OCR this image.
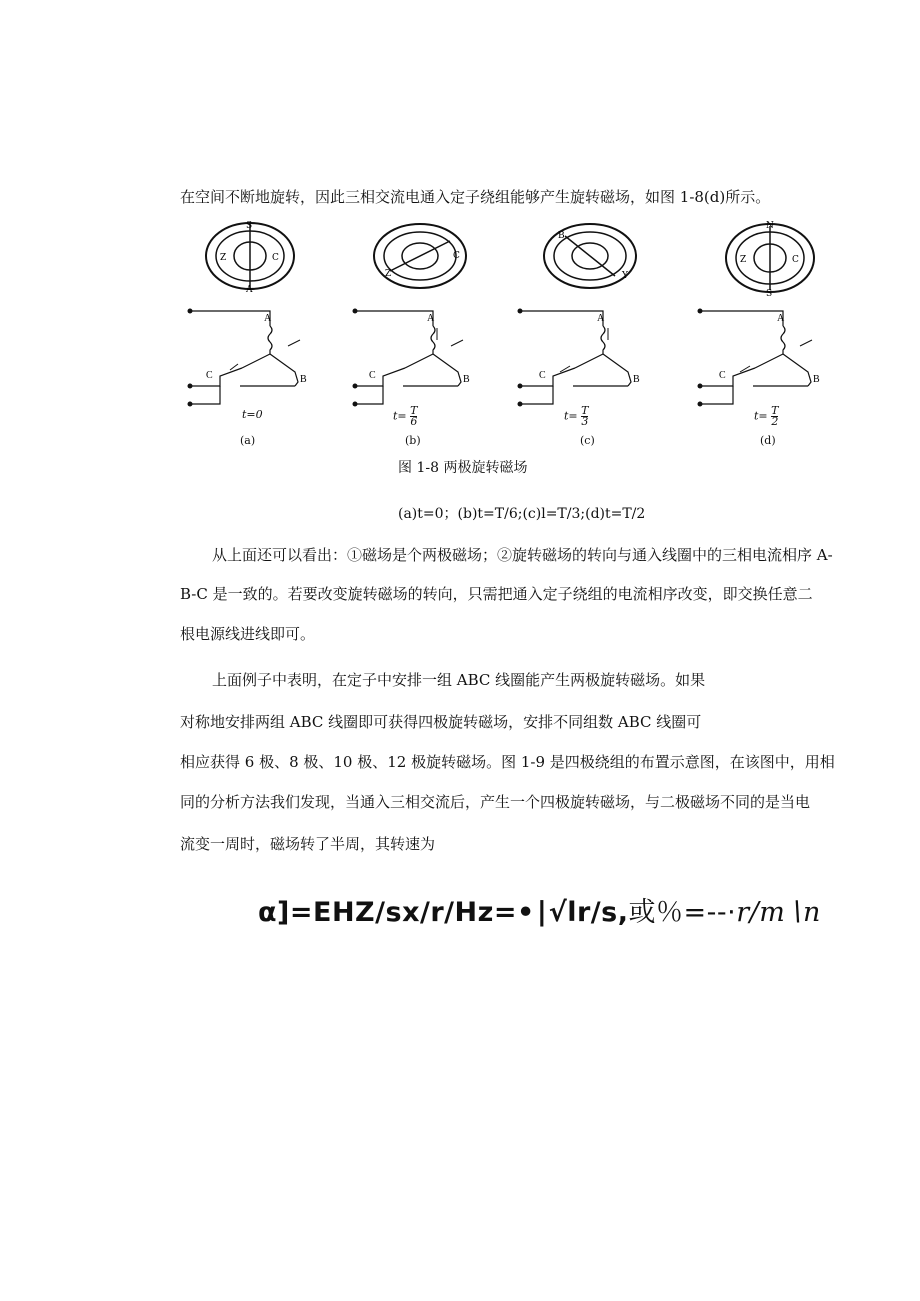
在空间不断地旋转，因此三相交流电通入定子绕组能够产生旋转磁场，如图 1-8(d)所示。
S
A
Z	C
A
C	B
t=0
(a)
C
Z
A
C	B
$t= \frac{T}{6}$
(b)
Y
B
A
C	B
$t= \frac{T}{3}$
(c)
N
S
Z	C
A
C	B
$t= \frac{T}{2}$
(d)
图 1-8 两极旋转磁场
(a)t=0；(b)t=T/6;(c)l=T/3;(d)t=T/2
从上面还可以看出：①磁场是个两极磁场；②旋转磁场的转向与通入线圈中的三相电流相序 A-
B-C 是一致的。若要改变旋转磁场的转向，只需把通入定子绕组的电流相序改变，即交换任意二
根电源线进线即可。
上面例子中表明，在定子中安排一组 ABC 线圈能产生两极旋转磁场。如果
对称地安排两组 ABC 线圈即可获得四极旋转磁场，安排不同组数 ABC 线圈可
相应获得 6 极、8 极、10 极、12 极旋转磁场。图 1-9 是四极绕组的布置示意图，在该图中，用相
同的分析方法我们发现，当通入三相交流后，产生一个四极旋转磁场，与二极磁场不同的是当电
流变一周时，磁场转了半周，其转速为
α]=EHZ/sx/r/Hz=•∣√lr/s,或％=--·r/m∖n
